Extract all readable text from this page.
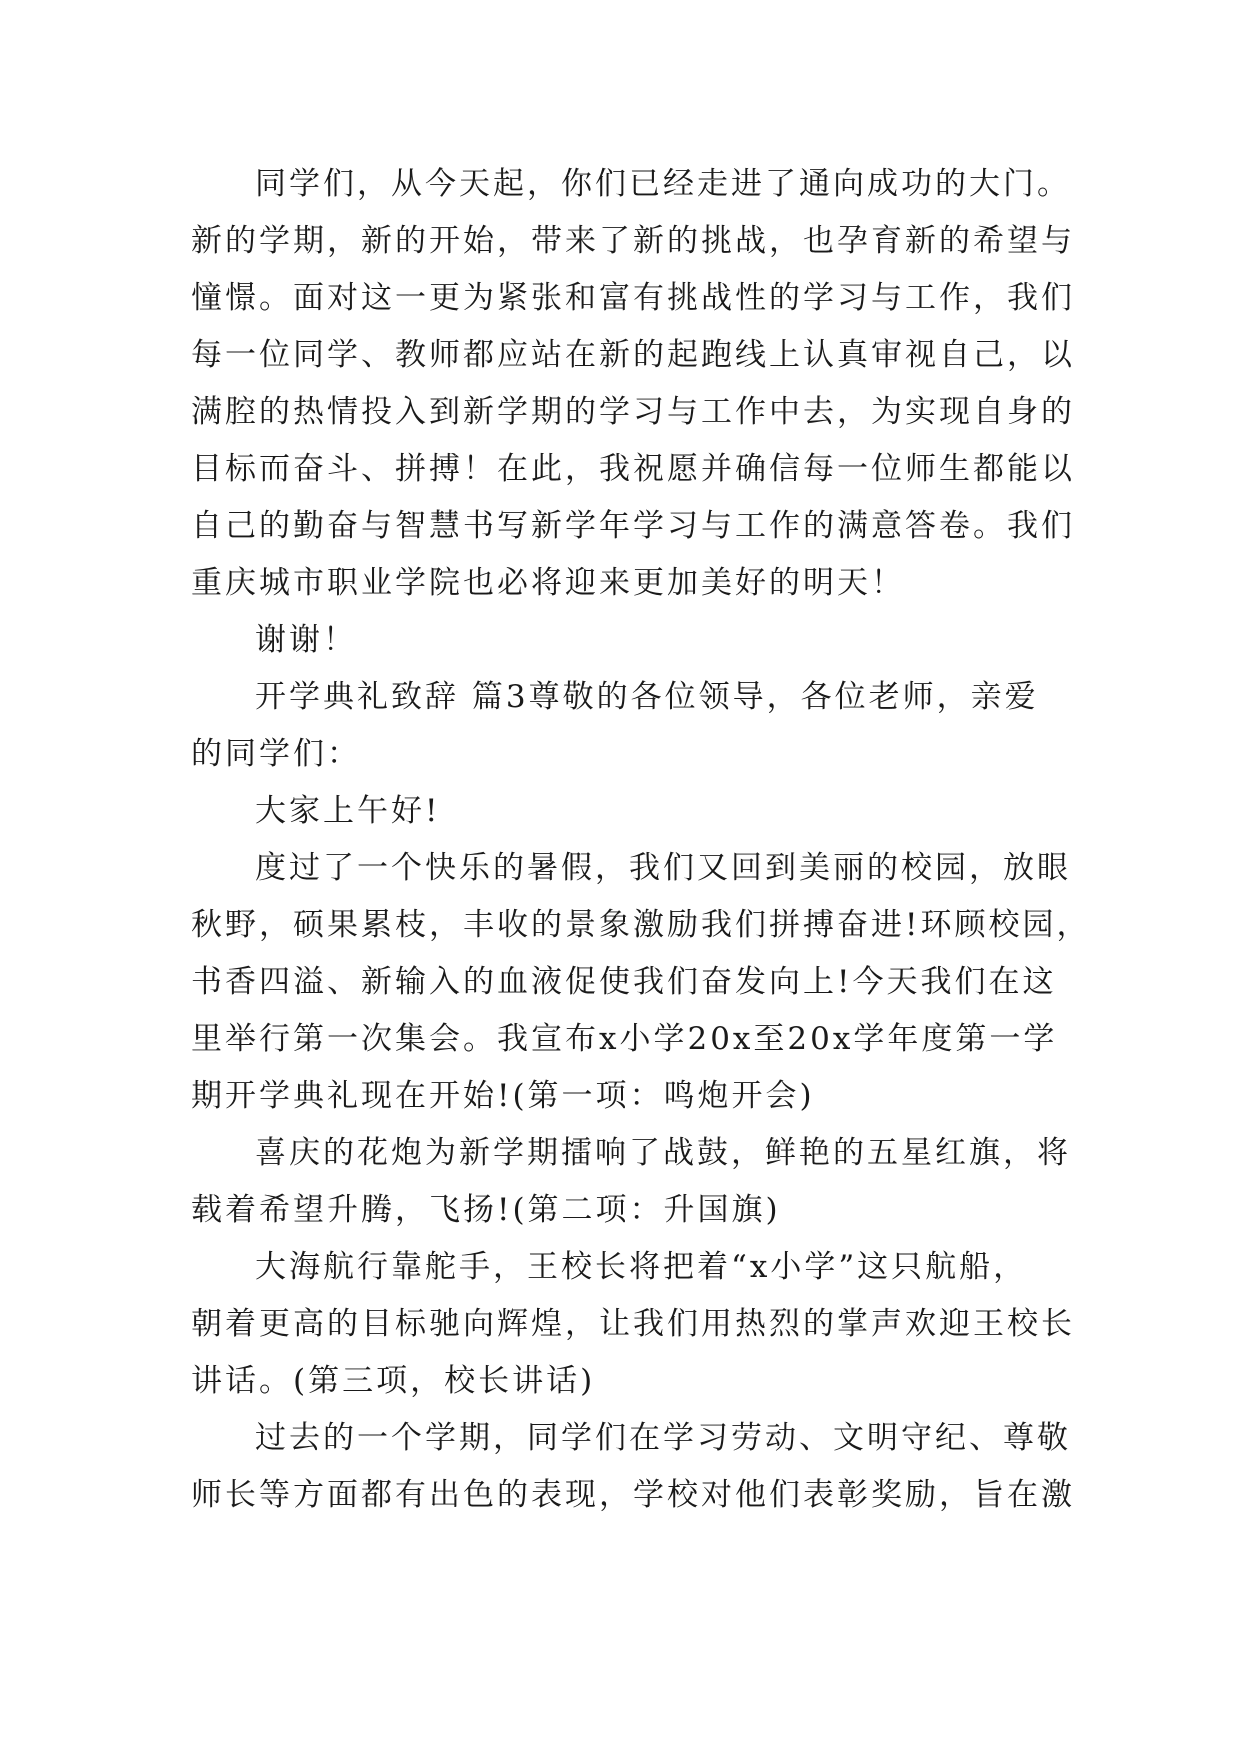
同学们，从今天起，你们已经走进了通向成功的大门。
新的学期，新的开始，带来了新的挑战，也孕育新的希望与
憧憬。面对这一更为紧张和富有挑战性的学习与工作，我们
每一位同学、教师都应站在新的起跑线上认真审视自己，以
满腔的热情投入到新学期的学习与工作中去，为实现自身的
目标而奋斗、拼搏！在此，我祝愿并确信每一位师生都能以
自己的勤奋与智慧书写新学年学习与工作的满意答卷。我们
重庆城市职业学院也必将迎来更加美好的明天！
谢谢！
开学典礼致辞 篇3尊敬的各位领导，各位老师，亲爱
的同学们：
大家上午好!
度过了一个快乐的暑假，我们又回到美丽的校园，放眼
秋野，硕果累枝，丰收的景象激励我们拼搏奋进!环顾校园，
书香四溢、新输入的血液促使我们奋发向上!今天我们在这
里举行第一次集会。我宣布x小学20x至20x学年度第一学
期开学典礼现在开始!(第一项：鸣炮开会)
喜庆的花炮为新学期擂响了战鼓，鲜艳的五星红旗，将
载着希望升腾，飞扬!(第二项：升国旗)
大海航行靠舵手，王校长将把着“x小学”这只航船，
朝着更高的目标驰向辉煌，让我们用热烈的掌声欢迎王校长
讲话。(第三项，校长讲话)
过去的一个学期，同学们在学习劳动、文明守纪、尊敬
师长等方面都有出色的表现，学校对他们表彰奖励，旨在激
